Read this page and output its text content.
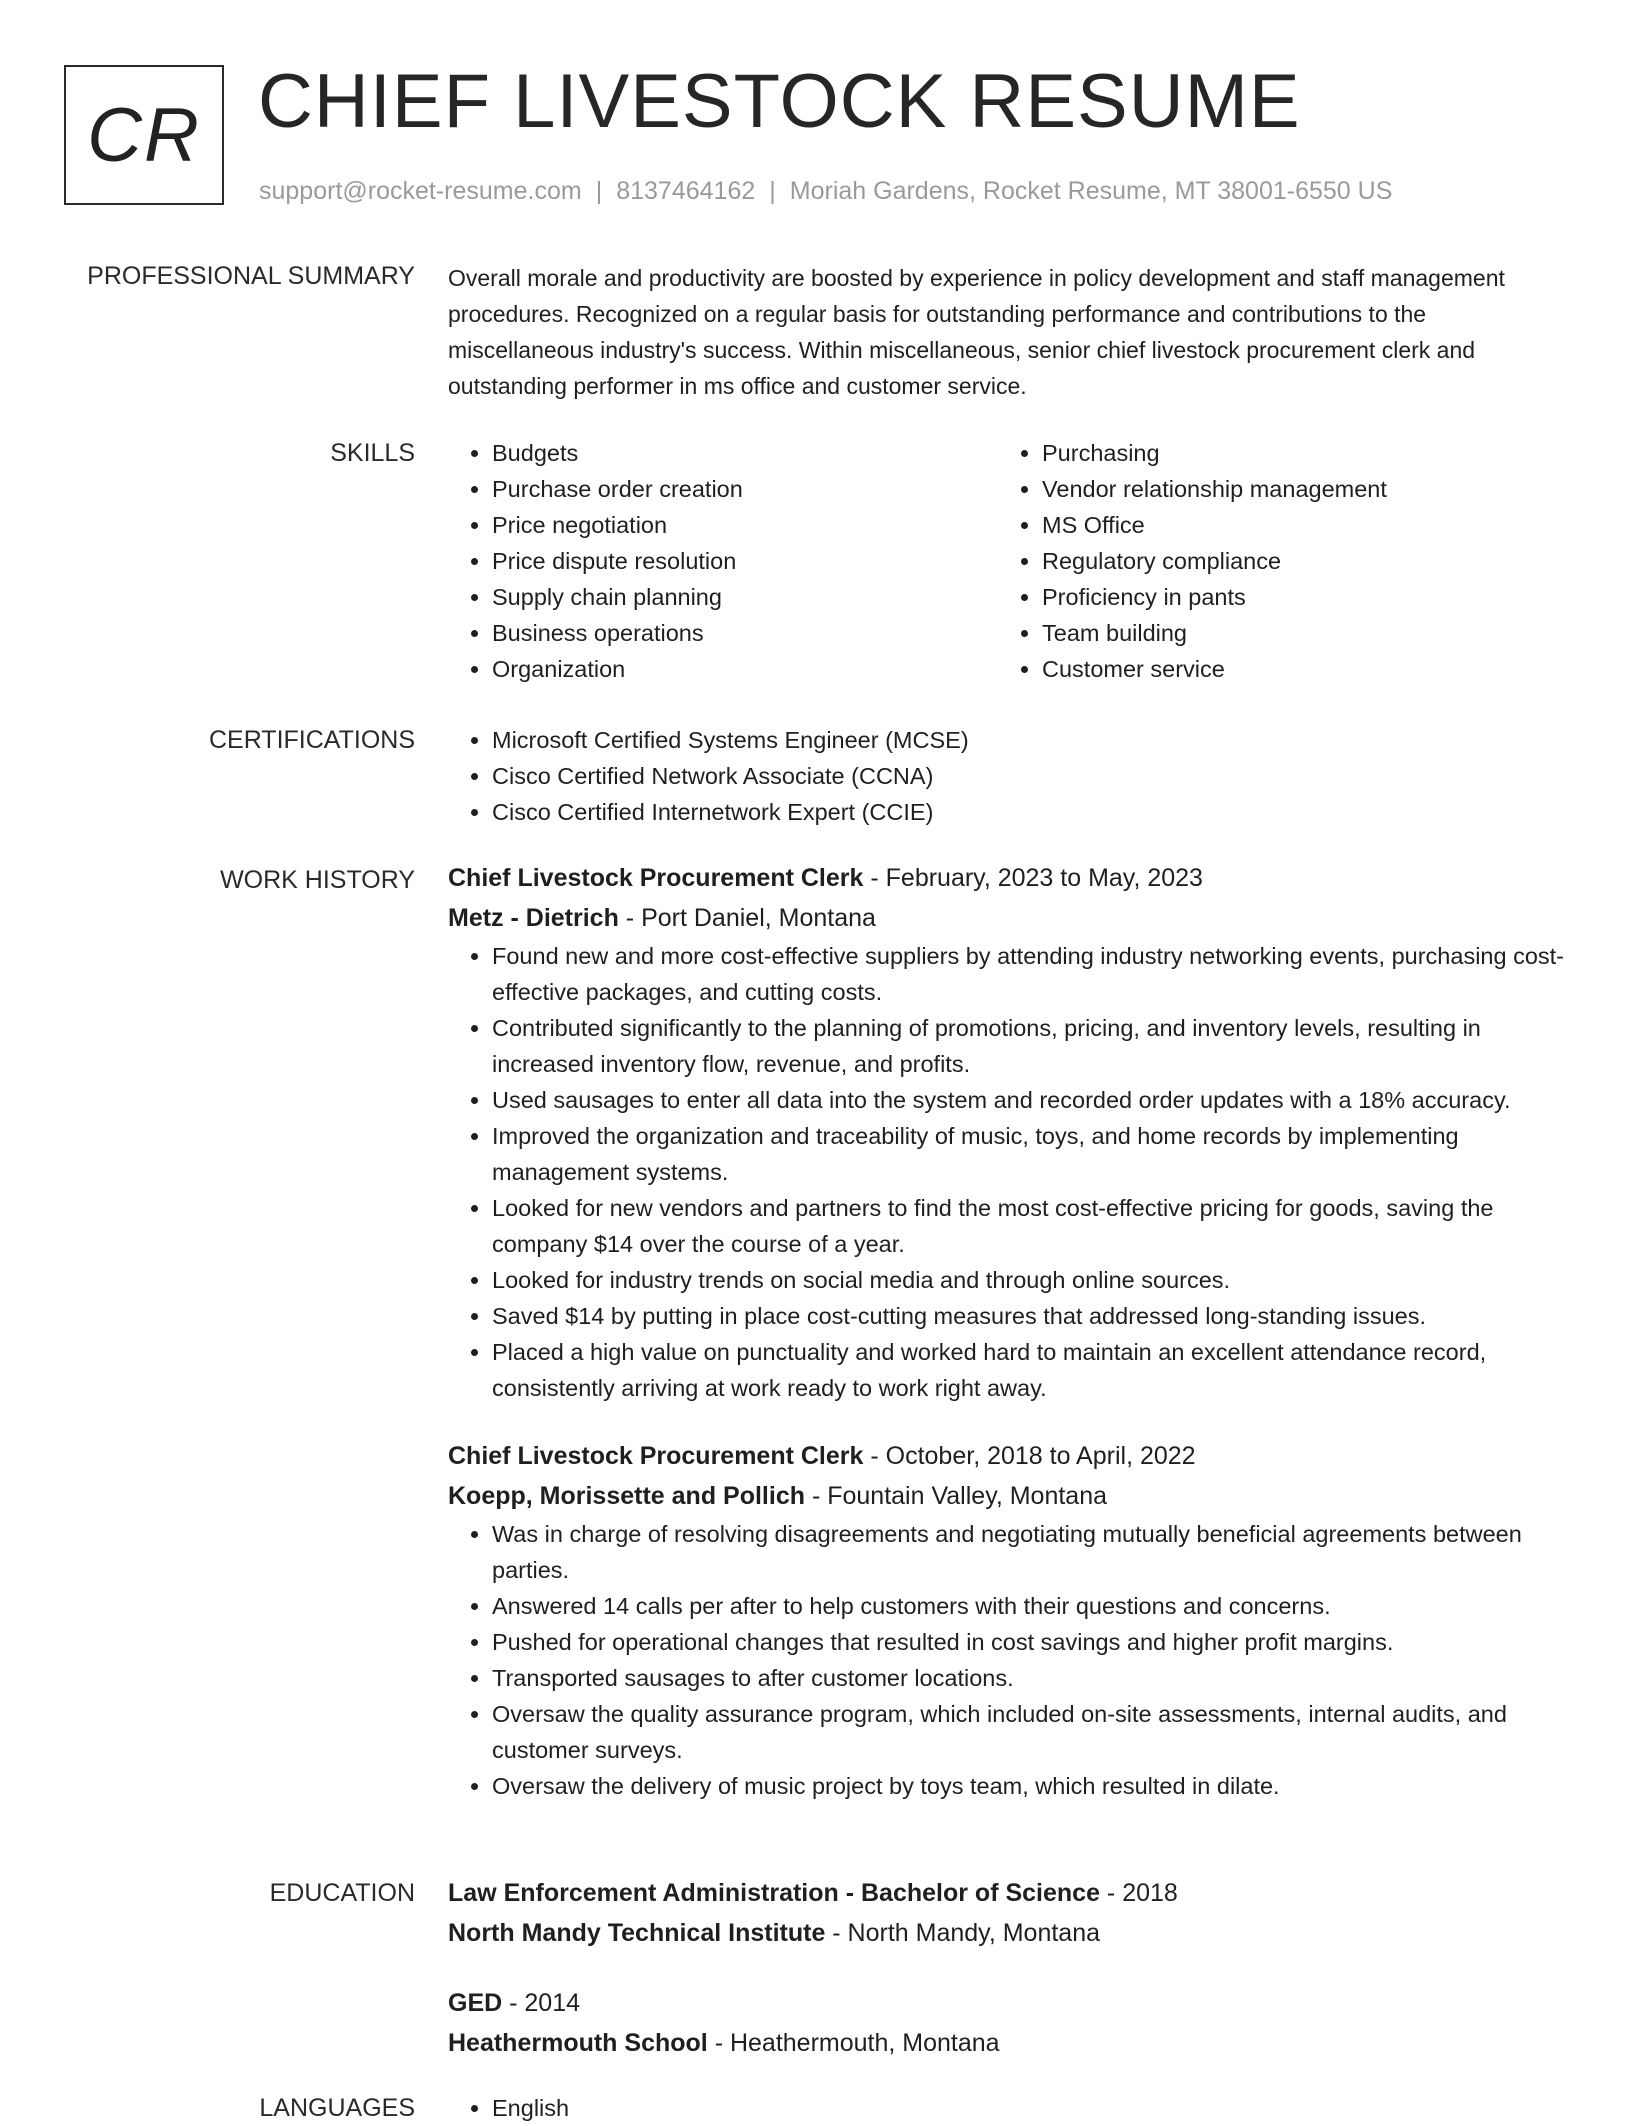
CR CHIEF LIVESTOCK RESUME
support@rocket-resume.com | 8137464162 | Moriah Gardens, Rocket Resume, MT 38001-6550 US
PROFESSIONAL SUMMARY Overall morale and productivity are boosted by experience in policy development and staff management procedures. Recognized on a regular basis for outstanding performance and contributions to the miscellaneous industry's success. Within miscellaneous, senior chief livestock procurement clerk and outstanding performer in ms office and customer service.

SKILLS	• Budgets
• Purchase order creation
• Price negotiation
• Price dispute resolution
• Supply chain planning
• Business operations
• Organization
• Purchasing
• Vendor relationship management
• MS Office
• Regulatory compliance
• Proficiency in pants
• Team building
• Customer service
CERTIFICATIONS	• Microsoft Certified Systems Engineer (MCSE)
• Cisco Certified Network Associate (CCNA)
• Cisco Certified Internetwork Expert (CCIE)
WORK HISTORY Chief Livestock Procurement Clerk - February, 2023 to May, 2023
Metz - Dietrich - Port Daniel, Montana
• Found new and more cost-effective suppliers by attending industry networking events, purchasing cost-effective packages, and cutting costs.
• Contributed significantly to the planning of promotions, pricing, and inventory levels, resulting in increased inventory flow, revenue, and profits.
• Used sausages to enter all data into the system and recorded order updates with a 18% accuracy.
• Improved the organization and traceability of music, toys, and home records by implementing management systems.
• Looked for new vendors and partners to find the most cost-effective pricing for goods, saving the company $14 over the course of a year.
• Looked for industry trends on social media and through online sources.
• Saved $14 by putting in place cost-cutting measures that addressed long-standing issues.
• Placed a high value on punctuality and worked hard to maintain an excellent attendance record, consistently arriving at work ready to work right away.
Chief Livestock Procurement Clerk - October, 2018 to April, 2022
Koepp, Morissette and Pollich - Fountain Valley, Montana
• Was in charge of resolving disagreements and negotiating mutually beneficial agreements between parties.
• Answered 14 calls per after to help customers with their questions and concerns.
• Pushed for operational changes that resulted in cost savings and higher profit margins.
• Transported sausages to after customer locations.
• Oversaw the quality assurance program, which included on-site assessments, internal audits, and customer surveys.
• Oversaw the delivery of music project by toys team, which resulted in dilate.
EDUCATION Law Enforcement Administration - Bachelor of Science - 2018
North Mandy Technical Institute - North Mandy, Montana
GED - 2014
Heathermouth School - Heathermouth, Montana
LANGUAGES	• English
